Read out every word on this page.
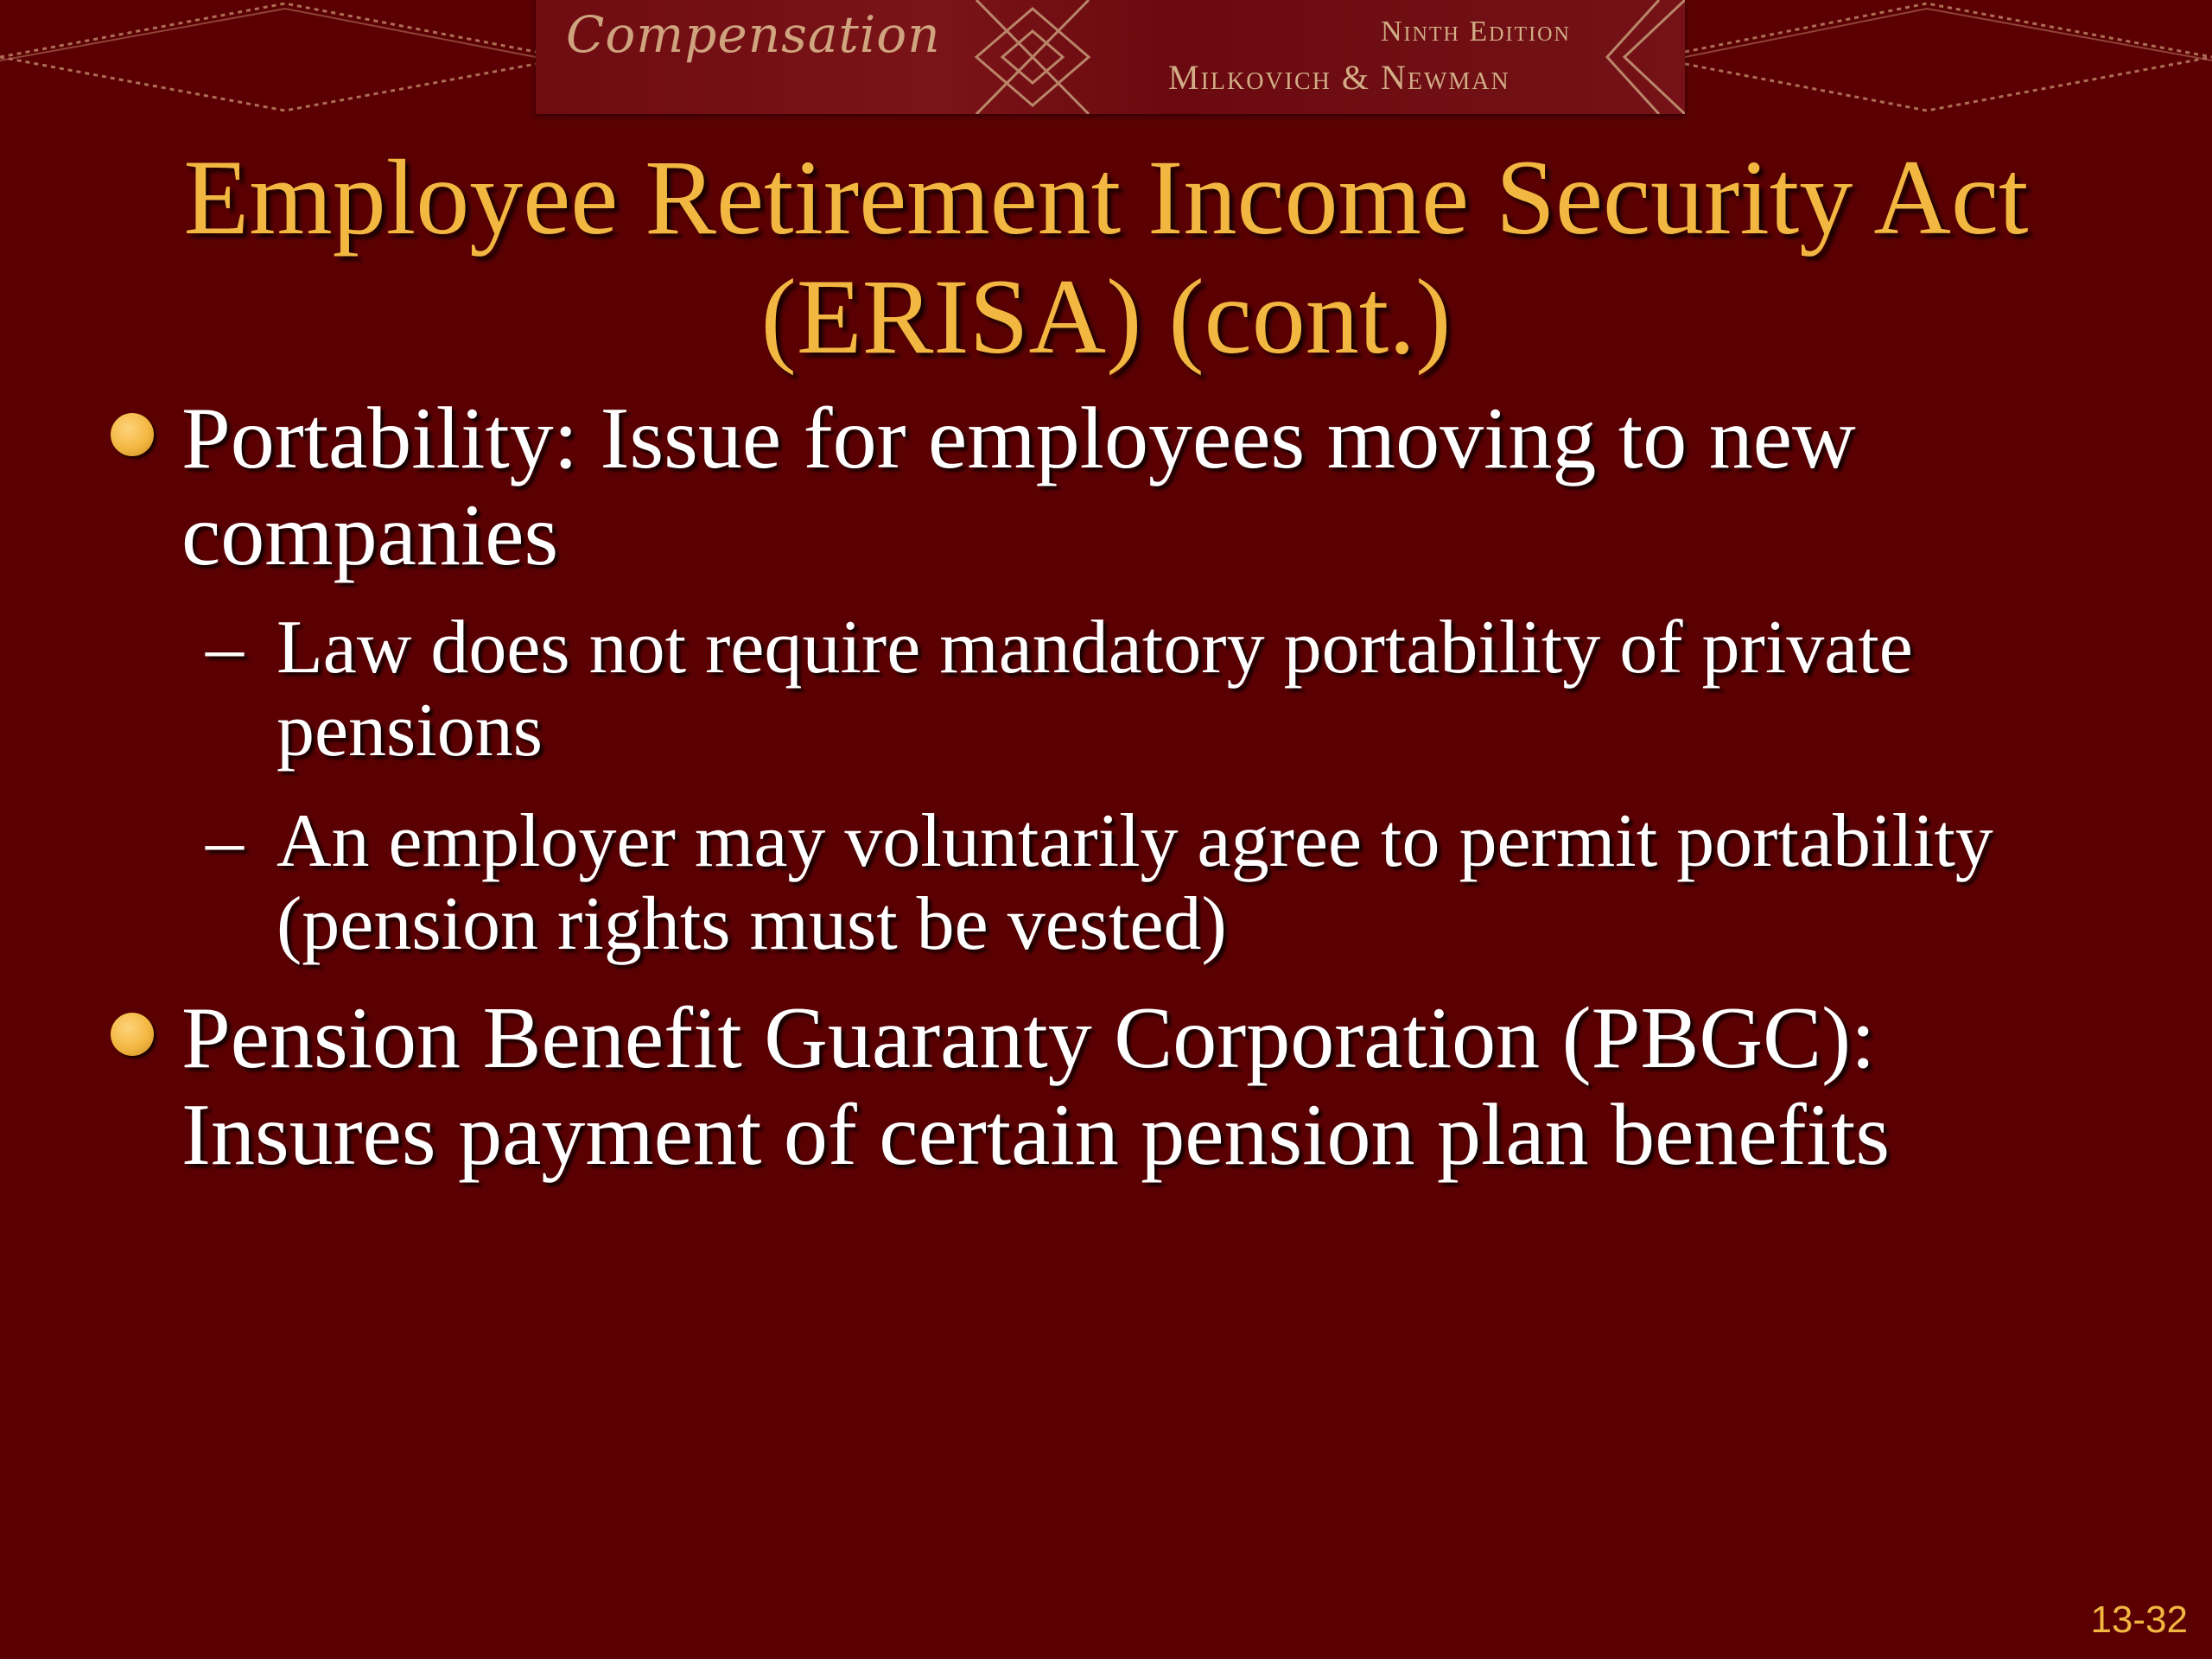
Compensation	Ninth Edition
Milkovich & Newman
Employee Retirement Income Security Act (ERISA) (cont.)
Portability: Issue for employees moving to new companies
– Law does not require mandatory portability of private pensions
– An employer may voluntarily agree to permit portability (pension rights must be vested)
Pension Benefit Guaranty Corporation (PBGC): Insures payment of certain pension plan benefits
13-32
